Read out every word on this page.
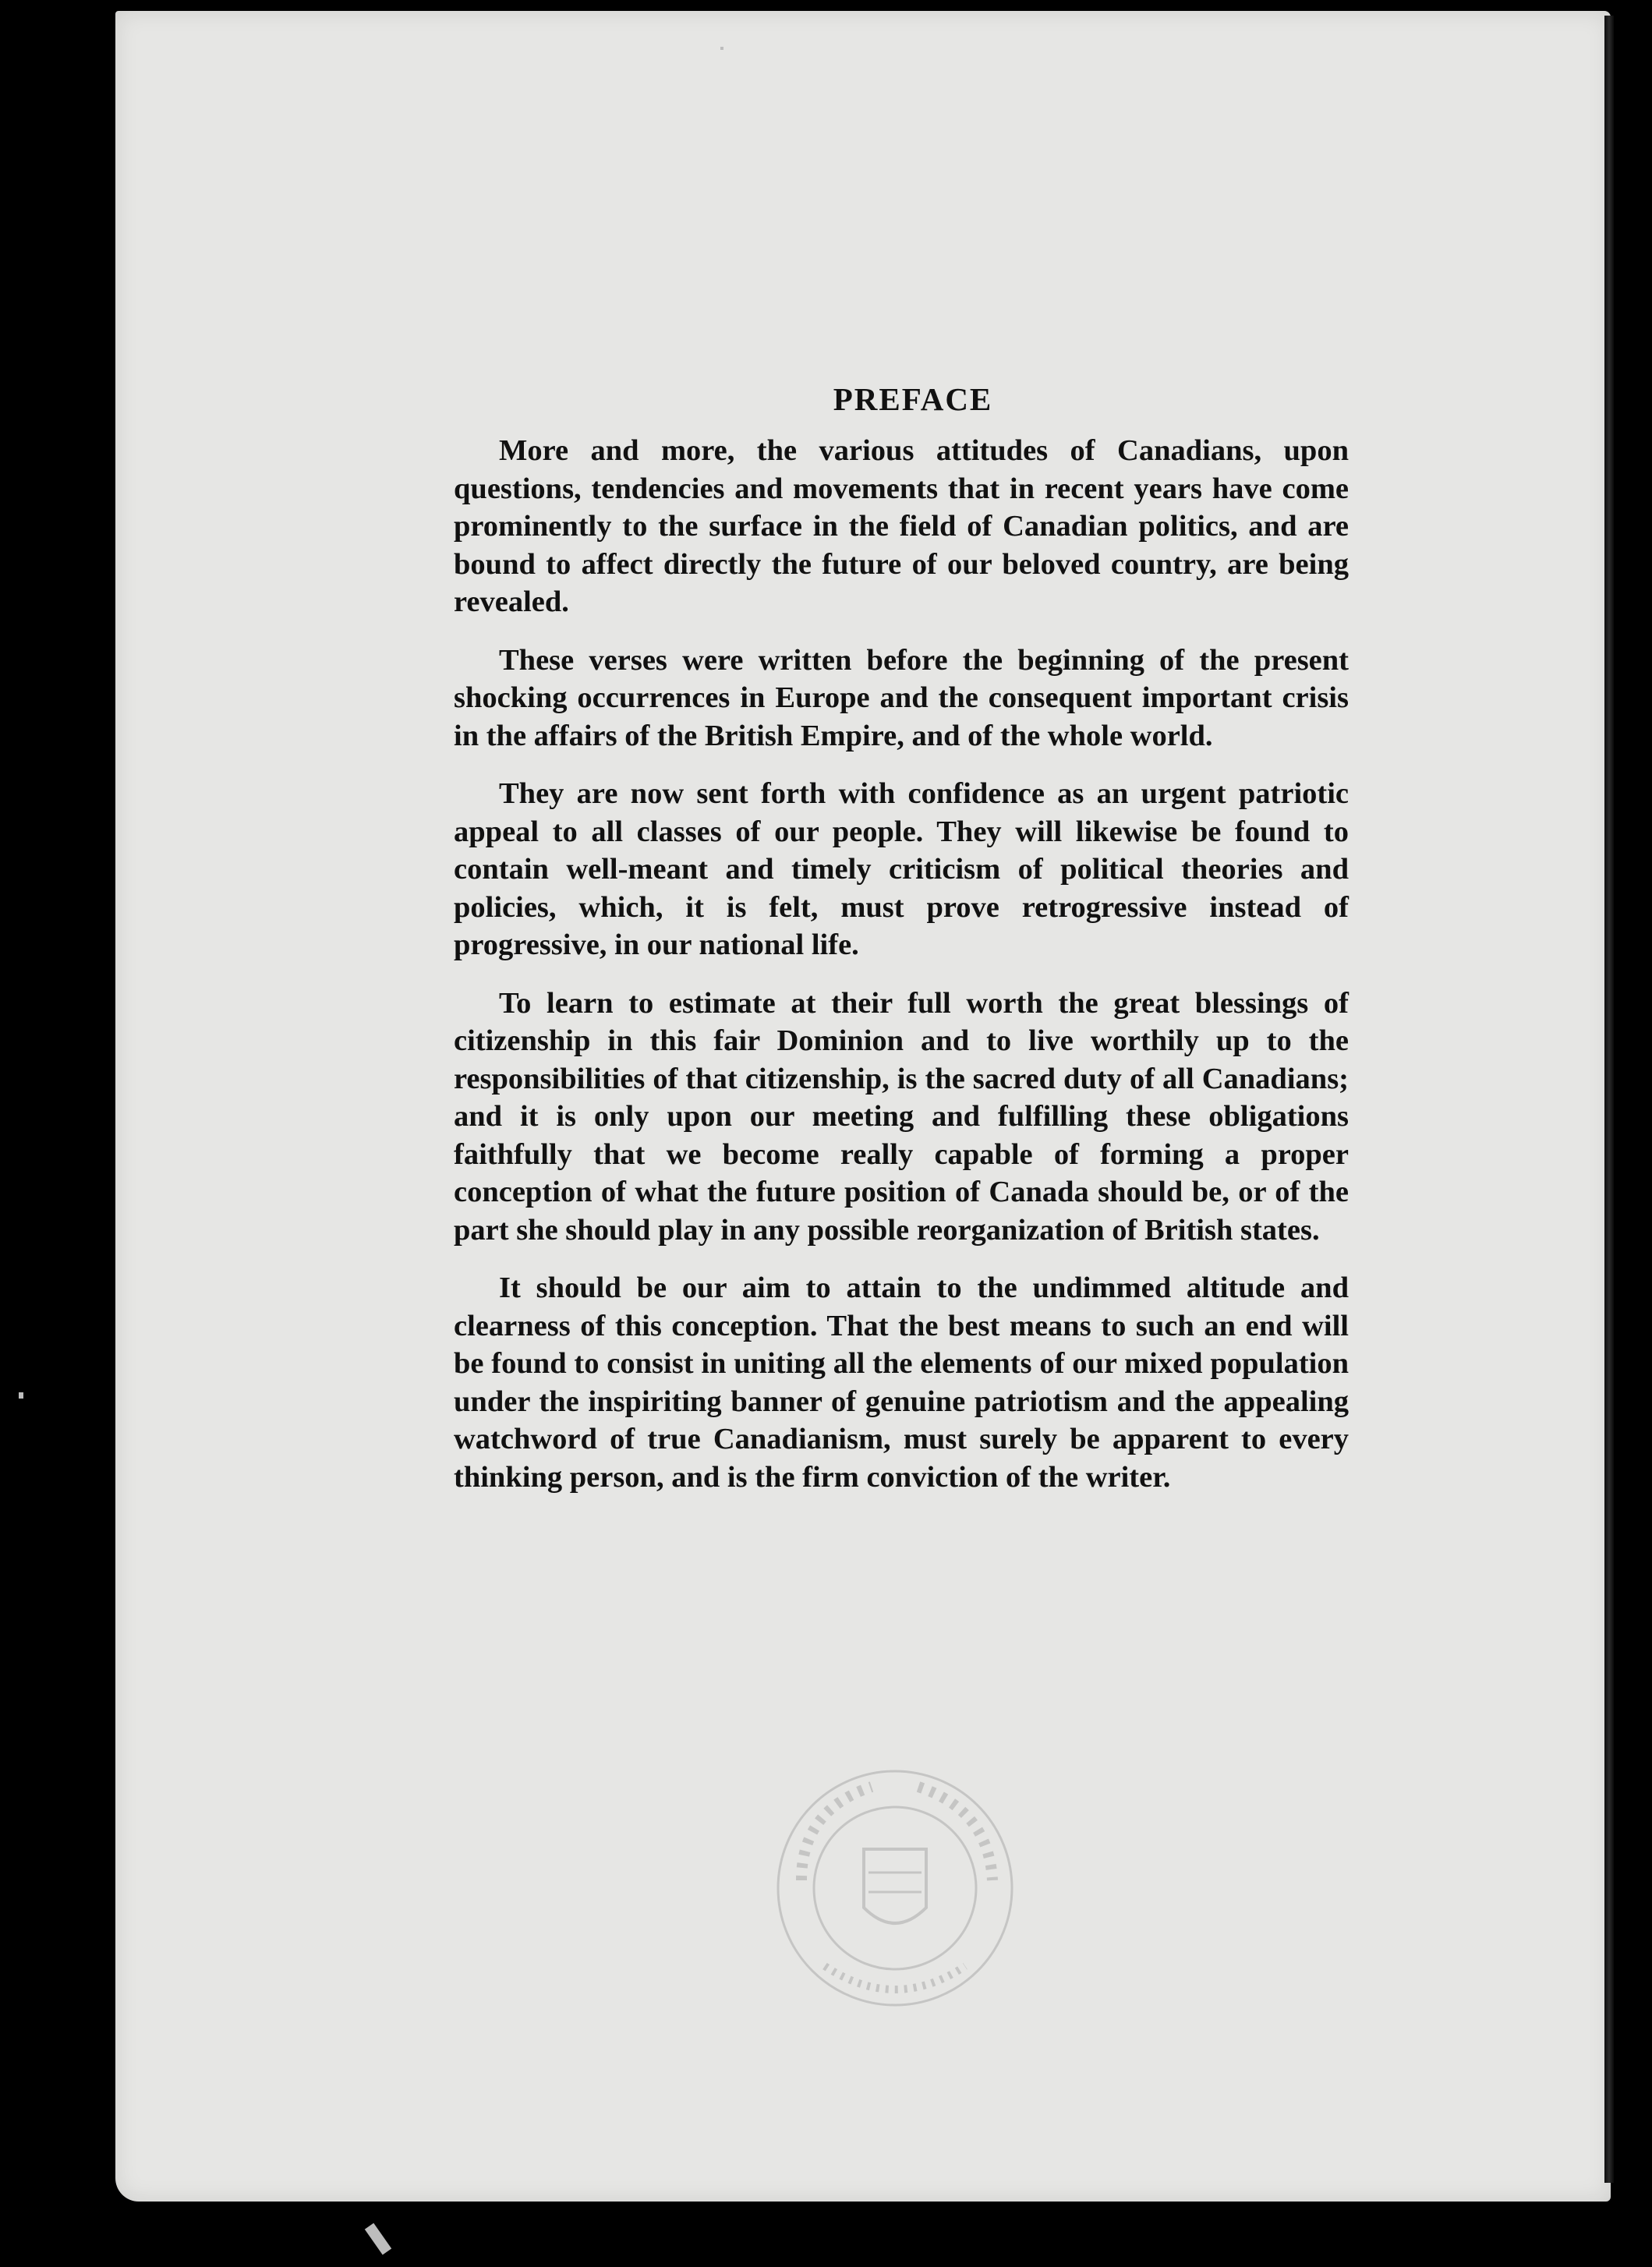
PREFACE

More and more, the various attitudes of Canadians, upon questions, tendencies and movements that in recent years have come prominently to the surface in the field of Canadian politics, and are bound to affect directly the future of our beloved country, are being revealed.

These verses were written before the beginning of the present shocking occurrences in Europe and the consequent important crisis in the affairs of the British Empire, and of the whole world.

They are now sent forth with confidence as an urgent patriotic appeal to all classes of our people. They will likewise be found to contain well-meant and timely criticism of political theories and policies, which, it is felt, must prove retrogressive instead of progressive, in our national life.

To learn to estimate at their full worth the great blessings of citizenship in this fair Dominion and to live worthily up to the responsibilities of that citizenship, is the sacred duty of all Canadians; and it is only upon our meeting and fulfilling these obligations faithfully that we become really capable of forming a proper conception of what the future position of Canada should be, or of the part she should play in any possible reorganization of British states.

It should be our aim to attain to the undimmed altitude and clearness of this conception. That the best means to such an end will be found to consist in uniting all the elements of our mixed population under the inspiriting banner of genuine patriotism and the appealing watchword of true Canadianism, must surely be apparent to every thinking person, and is the firm conviction of the writer.
